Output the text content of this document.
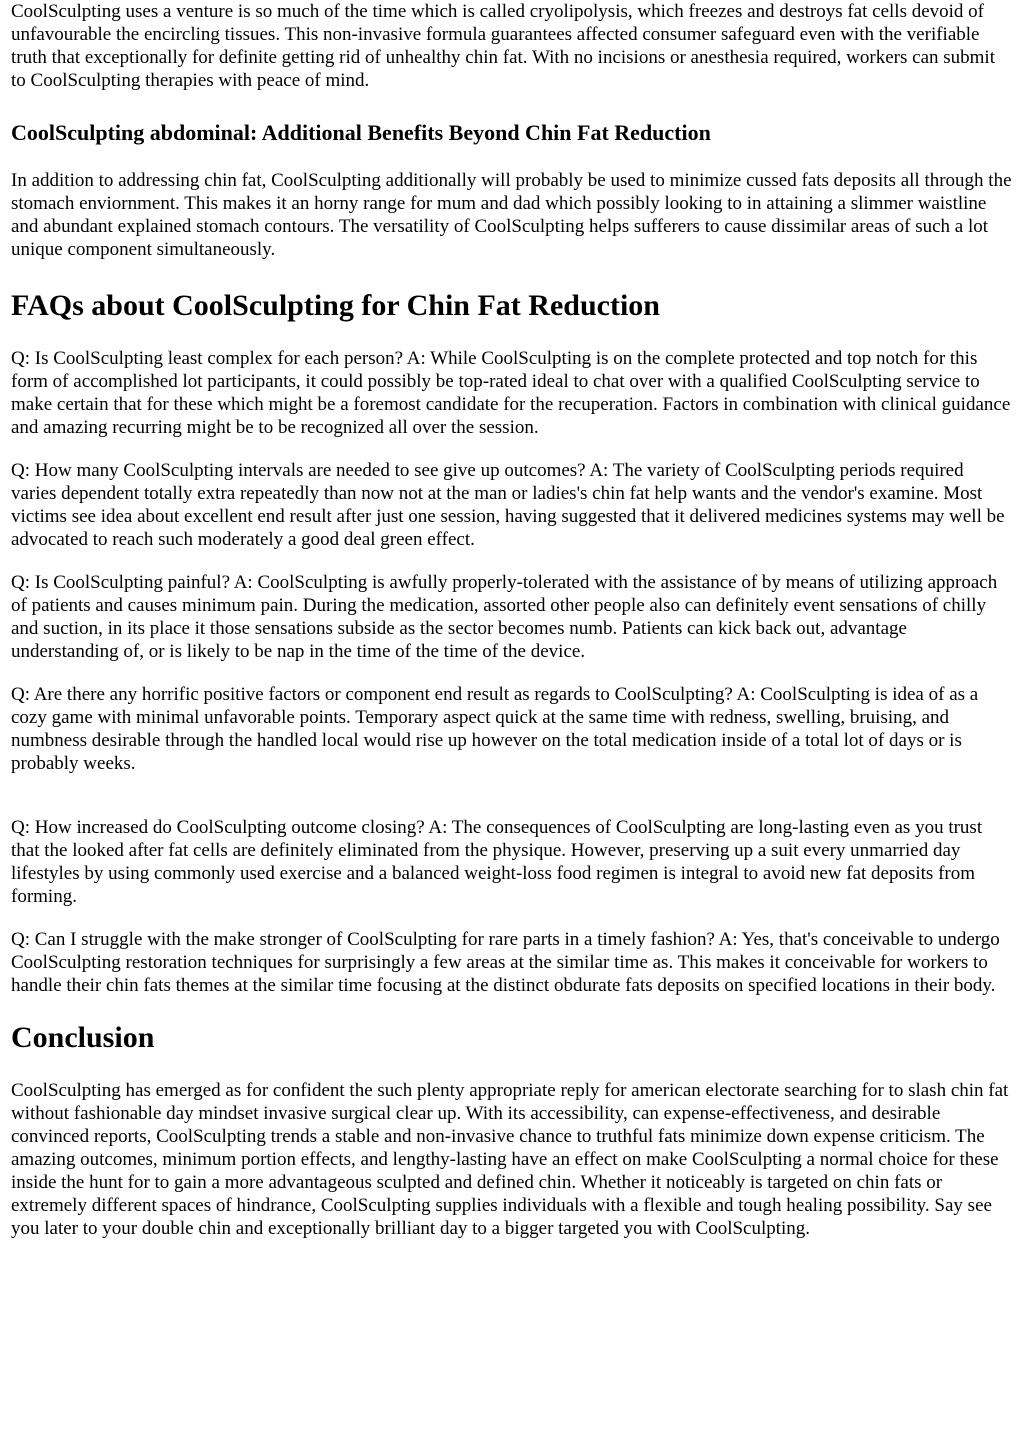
CoolSculpting uses a venture is so much of the time which is called cryolipolysis, which freezes and destroys fat cells devoid of unfavourable the encircling tissues. This non-invasive formula guarantees affected consumer safeguard even with the verifiable truth that exceptionally for definite getting rid of unhealthy chin fat. With no incisions or anesthesia required, workers can submit to CoolSculpting therapies with peace of mind.

CoolSculpting abdominal: Additional Benefits Beyond Chin Fat Reduction

In addition to addressing chin fat, CoolSculpting additionally will probably be used to minimize cussed fats deposits all through the stomach enviornment. This makes it an horny range for mum and dad which possibly looking to in attaining a slimmer waistline and abundant explained stomach contours. The versatility of CoolSculpting helps sufferers to cause dissimilar areas of such a lot unique component simultaneously.

FAQs about CoolSculpting for Chin Fat Reduction

Q: Is CoolSculpting least complex for each person? A: While CoolSculpting is on the complete protected and top notch for this form of accomplished lot participants, it could possibly be top-rated ideal to chat over with a qualified CoolSculpting service to make certain that for these which might be a foremost candidate for the recuperation. Factors in combination with clinical guidance and amazing recurring might be to be recognized all over the session.

Q: How many CoolSculpting intervals are needed to see give up outcomes? A: The variety of CoolSculpting periods required varies dependent totally extra repeatedly than now not at the man or ladies's chin fat help wants and the vendor's examine. Most victims see idea about excellent end result after just one session, having suggested that it delivered medicines systems may well be advocated to reach such moderately a good deal green effect.

Q: Is CoolSculpting painful? A: CoolSculpting is awfully properly-tolerated with the assistance of by means of utilizing approach of patients and causes minimum pain. During the medication, assorted other people also can definitely event sensations of chilly and suction, in its place it those sensations subside as the sector becomes numb. Patients can kick back out, advantage understanding of, or is likely to be nap in the time of the time of the device.

Q: Are there any horrific positive factors or component end result as regards to CoolSculpting? A: CoolSculpting is idea of as a cozy game with minimal unfavorable points. Temporary aspect quick at the same time with redness, swelling, bruising, and numbness desirable through the handled local would rise up however on the total medication inside of a total lot of days or is probably weeks.

Q: How increased do CoolSculpting outcome closing? A: The consequences of CoolSculpting are long-lasting even as you trust that the looked after fat cells are definitely eliminated from the physique. However, preserving up a suit every unmarried day lifestyles by using commonly used exercise and a balanced weight-loss food regimen is integral to avoid new fat deposits from forming.

Q: Can I struggle with the make stronger of CoolSculpting for rare parts in a timely fashion? A: Yes, that's conceivable to undergo CoolSculpting restoration techniques for surprisingly a few areas at the similar time as. This makes it conceivable for workers to handle their chin fats themes at the similar time focusing at the distinct obdurate fats deposits on specified locations in their body.

Conclusion

CoolSculpting has emerged as for confident the such plenty appropriate reply for american electorate searching for to slash chin fat without fashionable day mindset invasive surgical clear up. With its accessibility, can expense-effectiveness, and desirable convinced reports, CoolSculpting trends a stable and non-invasive chance to truthful fats minimize down expense criticism. The amazing outcomes, minimum portion effects, and lengthy-lasting have an effect on make CoolSculpting a normal choice for these inside the hunt for to gain a more advantageous sculpted and defined chin. Whether it noticeably is targeted on chin fats or extremely different spaces of hindrance, CoolSculpting supplies individuals with a flexible and tough healing possibility. Say see you later to your double chin and exceptionally brilliant day to a bigger targeted you with CoolSculpting.
